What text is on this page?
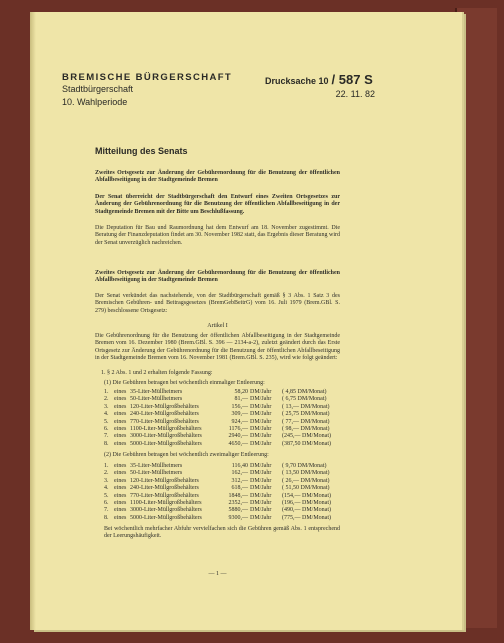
BREMISCHE BÜRGERSCHAFT
Stadtbürgerschaft
10. Wahlperiode
Drucksache 10 / 587 S
22. 11. 82
Mitteilung des Senats
Zweites Ortsgesetz zur Änderung der Gebührenordnung für die Benutzung der öffentlichen Abfallbeseitigung in der Stadtgemeinde Bremen
Der Senat überreicht der Stadtbürgerschaft den Entwurf eines Zweiten Ortsgesetzes zur Änderung der Gebührenordnung für die Benutzung der öffentlichen Abfallbeseitigung in der Stadtgemeinde Bremen mit der Bitte um Beschlußfassung.
Die Deputation für Bau und Raumordnung hat dem Entwurf am 18. November zugestimmt. Die Beratung der Finanzdeputation findet am 30. November 1982 statt, das Ergebnis dieser Beratung wird der Senat unverzüglich nachreichen.
Zweites Ortsgesetz zur Änderung der Gebührenordnung für die Benutzung der öffentlichen Abfallbeseitigung in der Stadtgemeinde Bremen
Der Senat verkündet das nachstehende, von der Stadtbürgerschaft gemäß § 3 Abs. 1 Satz 3 des Bremischen Gebühren- und Beitragsgesetzes (BremGebBeitrG) vom 16. Juli 1979 (Brem.GBl. S. 279) beschlossene Ortsgesetz:
Artikel I
Die Gebührenordnung für die Benutzung der öffentlichen Abfallbeseitigung in der Stadtgemeinde Bremen vom 16. Dezember 1980 (Brem.GBl. S. 396 — 2134-a-2), zuletzt geändert durch das Erste Ortsgesetz zur Änderung der Gebührenordnung für die Benutzung der öffentlichen Abfallbeseitigung in der Stadtgemeinde Bremen vom 16. November 1981 (Brem.GBl. S. 235), wird wie folgt geändert:
1. § 2 Abs. 1 und 2 erhalten folgende Fassung:
(1) Die Gebühren betragen bei wöchentlich einmaliger Entleerung:
1. eines 35-Liter-Müllheimers	58,20 DM/Jahr	( 4,85 DM/Monat)
2. eines 50-Liter-Müllheimers	81,— DM/Jahr	( 6,75 DM/Monat)
3. eines 120-Liter-Müllgroßbehälters	156,— DM/Jahr	( 13,— DM/Monat)
4. eines 240-Liter-Müllgroßbehälters	309,— DM/Jahr	( 25,75 DM/Monat)
5. eines 770-Liter-Müllgroßbehälters	924,— DM/Jahr	( 77,— DM/Monat)
6. eines 1100-Liter-Müllgroßbehälters	1176,— DM/Jahr	( 98,— DM/Monat)
7. eines 3000-Liter-Müllgroßbehälters	2940,— DM/Jahr	(245,— DM/Monat)
8. eines 5000-Liter-Müllgroßbehälters	4650,— DM/Jahr	(387,50 DM/Monat)
(2) Die Gebühren betragen bei wöchentlich zweimaliger Entleerung:
1. eines 35-Liter-Müllheimers	116,40 DM/Jahr	( 9,70 DM/Monat)
2. eines 50-Liter-Müllheimers	162,— DM/Jahr	( 13,50 DM/Monat)
3. eines 120-Liter-Müllgroßbehälters	312,— DM/Jahr	( 26,— DM/Monat)
4. eines 240-Liter-Müllgroßbehälters	618,— DM/Jahr	( 51,50 DM/Monat)
5. eines 770-Liter-Müllgroßbehälters	1848,— DM/Jahr	(154,— DM/Monat)
6. eines 1100-Liter-Müllgroßbehälters	2352,— DM/Jahr	(196,— DM/Monat)
7. eines 3000-Liter-Müllgroßbehälters	5880,— DM/Jahr	(490,— DM/Monat)
8. eines 5000-Liter-Müllgroßbehälters	9300,— DM/Jahr	(775,— DM/Monat)
Bei wöchentlich mehrfacher Abfuhr vervielfachen sich die Gebühren gemäß Abs. 1 entsprechend der Leerungshäufigkeit.
— 1 —
